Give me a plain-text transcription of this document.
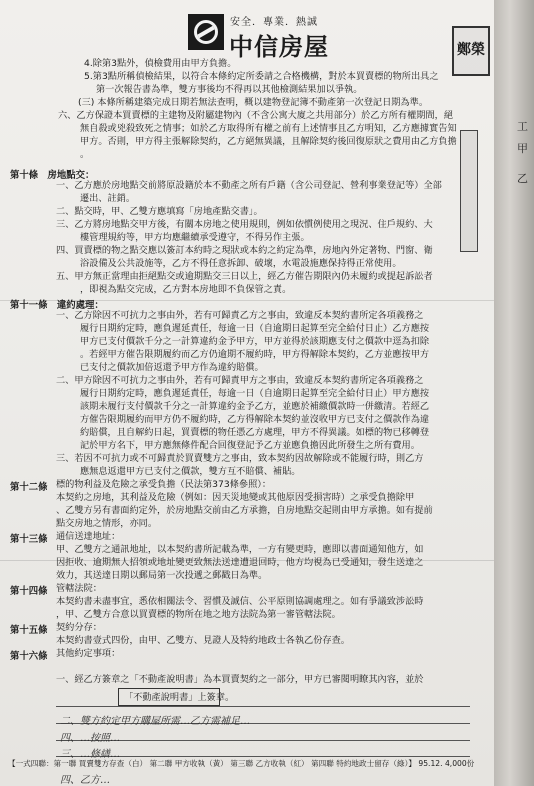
工
甲
乙
安全．專業．熱誠
中信房屋	鄭榮
4.除第3點外，偵檢費用由甲方負擔。
5.第3點所稱偵檢結果，以符合本條約定所委請之合格機構，對於本買賣標的物所出具之
第一次報告書為準，雙方事後均不得再以其他檢測結果加以爭執。
(三) 本條所稱建築完成日期若無法查明，概以建物登記簿不動產第一次登記日期為準。
六、乙方保證本買賣標的主建物及附屬建物內（不含公寓大廈之共用部分）於乙方所有權期間，絕
無自殺或兇殺致死之情事；如於乙方取得所有權之前有上述情事且乙方明知，乙方應據實告知
甲方。否則，甲方得主張解除契約，乙方絕無異議，且解除契約後回復原狀之費用由乙方負擔
。
一、乙方應於房地點交前將原設籍於本不動產之所有戶籍（含公司登記、營利事業登記等）全部
遷出、註銷。
二、點交時，甲、乙雙方應填寫「房地產點交書」。
三、乙方將房地點交甲方後，有關本房地之使用規則，例如依慣例使用之現況、住戶規約、大
樓管理規約等，甲方均應繼續承受遵守，不得另作主張。
四、買賣標的物之點交應以簽訂本約時之現狀或本約之約定為準，房地內外定著物、門窗、衛
浴設備及公共設施等，乙方不得任意拆卸、破壞，水電設施應保持得正常使用。
五、甲方無正當理由拒絕點交或逾期點交三日以上，經乙方催告期限內仍未履約或提起訴訟者
，即視為點交完成，乙方對本房地即不負保管之責。
一、乙方除因不可抗力之事由外，若有可歸責乙方之事由，致違反本契約書所定各項義務之
履行日期約定時，應負遲延責任，每逾一日（自逾期日起算至完全給付日止）乙方應按
甲方已支付價款千分之一計算違約金予甲方，甲方並得於該期應支付之價款中逕為扣除
。若經甲方催告限期履約而乙方仍逾期不履約時，甲方得解除本契約，乙方並應按甲方
已支付之價款加倍返還予甲方作為違約賠償。
二、甲方除因不可抗力之事由外，若有可歸責甲方之事由，致違反本契約書所定各項義務之
履行日期約定時，應負遲延責任，每逾一日（自逾期日起算至完全給付日止）甲方應按
該期未履行支付價款千分之一計算違約金予乙方，並應於補繳價款時一併繳清。若經乙
方催告限期履約而甲方仍不履約時，乙方得解除本契約並沒收甲方已支付之價款作為違
約賠償，且自解約日起，買賣標的物任憑乙方處理，甲方不得異議。如標的物已移轉登
記於甲方名下，甲方應無條件配合回復登記予乙方並應負擔因此所發生之所有費用。
三、若因不可抗力或不可歸責於買賣雙方之事由，致本契約因故解除或不能履行時，則乙方
應無息返還甲方已支付之價款，雙方互不賠償、補貼。
標的物利益及危險之承受負擔（民法第373條參照）：
本契約之房地，其利益及危險（例如：因天災地變或其他原因受損害時）之承受負擔除甲
、乙雙方另有書面約定外，於房地點交前由乙方承擔，自房地點交起則由甲方承擔。如有提前
點交房地之情形，亦同。
通信送達地址：
甲、乙雙方之通訊地址，以本契約書所記載為準，一方有變更時，應即以書面通知他方，如
因拒收、逾期無人招領或地址變更致無法送達遭退回時，他方均視為已受通知，發生送達之
效力，其送達日期以郵局第一次投遞之郵戳日為準。
管轄法院：
本契約書未盡事宜，悉依相關法令、習慣及誠信、公平原則協調處理之。如有爭議致涉訟時
，甲、乙雙方合意以買賣標的物所在地之地方法院為第一審管轄法院。
契約分存：
本契約書壹式四份，由甲、乙雙方、見證人及特約地政士各執乙份存查。
其他約定事項：
一、經乙方簽章之「不動產說明書」為本買賣契約之一部分，甲方已審閱明瞭其內容，並於
「不動產說明書」上簽章。
第十條　房地點交：
第十一條　違約處理：
第十二條
第十三條
第十四條
第十五條
第十六條
二、雙方約定甲方購屋所需…乙方需補足…
四、…按照…
三、…修繕…
四、乙方…
【一式四聯：第一聯 買賣雙方存查（白） 第二聯 甲方收執（黃） 第三聯 乙方收執（紅） 第四聯 特約地政士留存（綠）】 95.12. 4,000份
